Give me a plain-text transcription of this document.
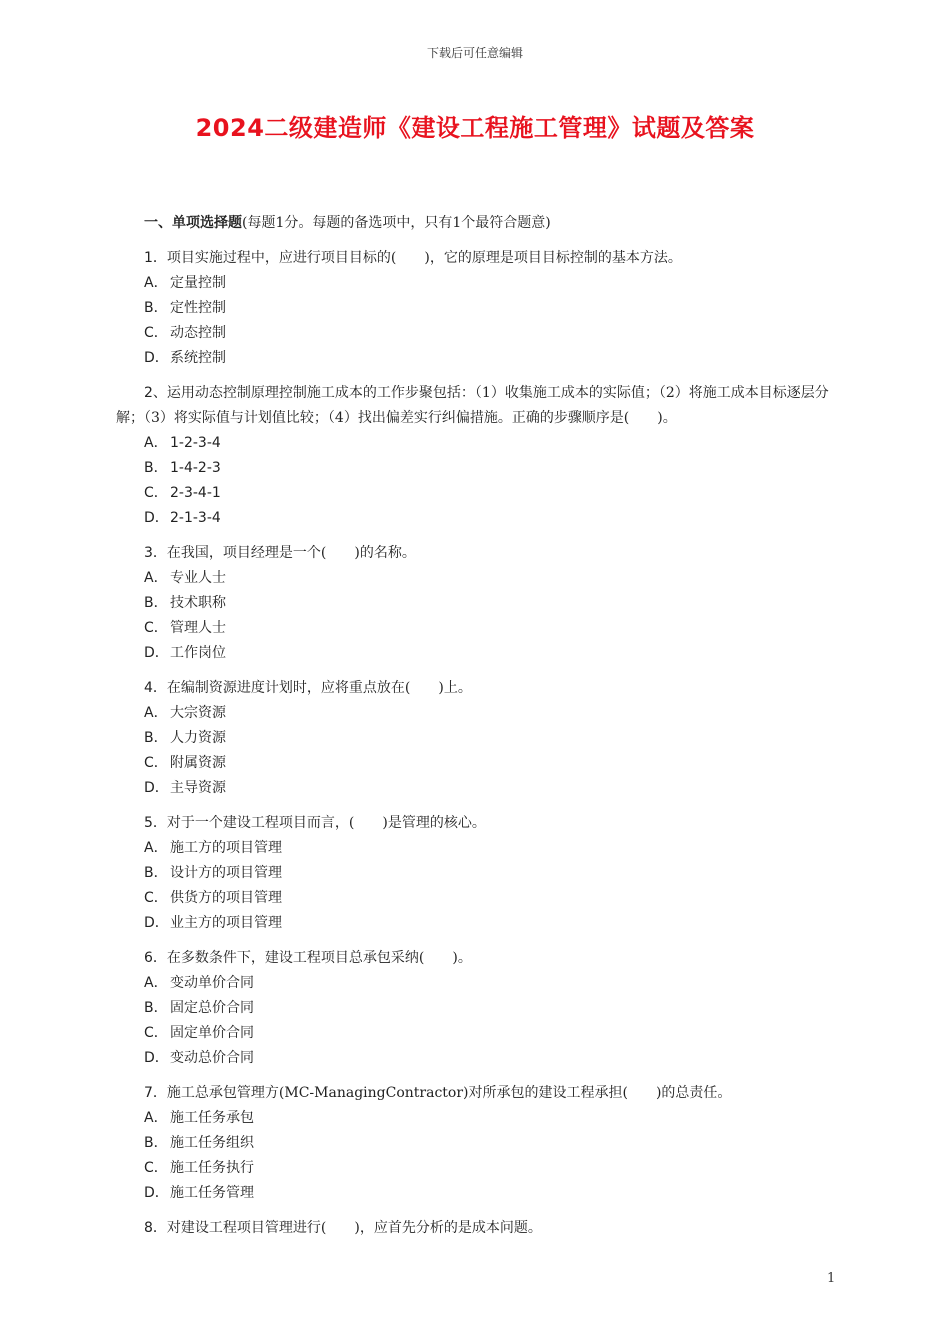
下载后可任意编辑
2024二级建造师《建设工程施工管理》试题及答案
一、单项选择题(每题1分。每题的备选项中，只有1个最符合题意)
1．项目实施过程中，应进行项目目标的(　　)，它的原理是项目目标控制的基本方法。
A． 定量控制
B． 定性控制
C． 动态控制
D．系统控制
2、运用动态控制原理控制施工成本的工作步聚包括：（1）收集施工成本的实际值；（2）将施工成本目标逐层分解；（3）将实际值与计划值比较；（4）找出偏差实行纠偏措施。正确的步骤顺序是(　　)。
A． 1-2-3-4
B． 1-4-2-3
C． 2-3-4-1
D．2-1-3-4
3．在我国，项目经理是一个(　　)的名称。
A． 专业人士
B． 技术职称
C． 管理人士
D．工作岗位
4．在编制资源进度计划时，应将重点放在(　　)上。
A． 大宗资源
B． 人力资源
C． 附属资源
D．主导资源
5．对于一个建设工程项目而言，(　　)是管理的核心。
A． 施工方的项目管理
B． 设计方的项目管理
C． 供货方的项目管理
D．业主方的项目管理
6．在多数条件下，建设工程项目总承包采纳(　　)。
A． 变动单价合同
B． 固定总价合同
C． 固定单价合同
D．变动总价合同
7．施工总承包管理方(MC-ManagingContractor)对所承包的建设工程承担(　　)的总责任。
A． 施工任务承包
B． 施工任务组织
C． 施工任务执行
D．施工任务管理
8．对建设工程项目管理进行(　　)，应首先分析的是成本问题。
1
